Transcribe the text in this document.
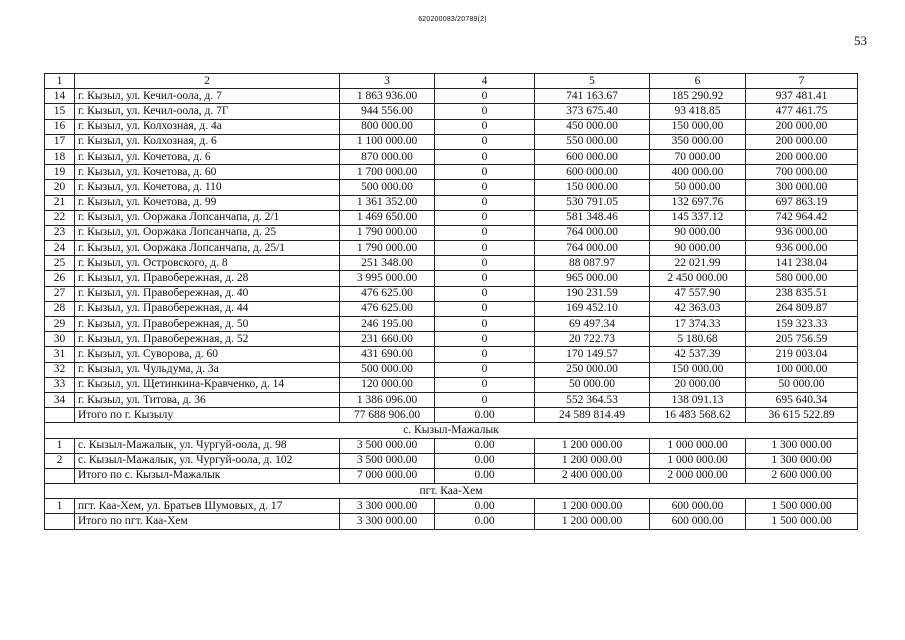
620200083/20789(2)
53
1	2	3	4	5	6	7
14	г. Кызыл, ул. Кечил-оола, д. 7	1 863 936.00	0	741 163.67	185 290.92	937 481.41
15	г. Кызыл, ул. Кечил-оола, д. 7Г	944 556.00	0	373 675.40	93 418.85	477 461.75
16	г. Кызыл, ул. Колхозная, д. 4а	800 000.00	0	450 000.00	150 000.00	200 000.00
17	г. Кызыл, ул. Колхозная, д. 6	1 100 000.00	0	550 000.00	350 000.00	200 000.00
18	г. Кызыл, ул. Кочетова, д. 6	870 000.00	0	600 000.00	70 000.00	200 000.00
19	г. Кызыл, ул. Кочетова, д. 60	1 700 000.00	0	600 000.00	400 000.00	700 000.00
20	г. Кызыл, ул. Кочетова, д. 110	500 000.00	0	150 000.00	50 000.00	300 000.00
21	г. Кызыл, ул. Кочетова, д. 99	1 361 352.00	0	530 791.05	132 697.76	697 863.19
22	г. Кызыл, ул. Ооржака Лопсанчапа, д. 2/1	1 469 650.00	0	581 348.46	145 337.12	742 964.42
23	г. Кызыл, ул. Ооржака Лопсанчапа, д. 25	1 790 000.00	0	764 000.00	90 000.00	936 000.00
24	г. Кызыл, ул. Ооржака Лопсанчапа, д. 25/1	1 790 000.00	0	764 000.00	90 000.00	936 000.00
25	г. Кызыл, ул. Островского, д. 8	251 348.00	0	88 087.97	22 021.99	141 238.04
26	г. Кызыл, ул. Правобережная, д. 28	3 995 000.00	0	965 000.00	2 450 000.00	580 000.00
27	г. Кызыл, ул. Правобережная, д. 40	476 625.00	0	190 231.59	47 557.90	238 835.51
28	г. Кызыл, ул. Правобережная, д. 44	476 625.00	0	169 452.10	42 363.03	264 809.87
29	г. Кызыл, ул. Правобережная, д. 50	246 195.00	0	69 497.34	17 374.33	159 323.33
30	г. Кызыл, ул. Правобережная, д. 52	231 660.00	0	20 722.73	5 180.68	205 756.59
31	г. Кызыл, ул. Суворова, д. 60	431 690.00	0	170 149.57	42 537.39	219 003.04
32	г. Кызыл, ул. Чульдума, д. 3а	500 000.00	0	250 000.00	150 000.00	100 000.00
33	г. Кызыл, ул. Щетинкина-Кравченко, д. 14	120 000.00	0	50 000.00	20 000.00	50 000.00
34	г. Кызыл, ул. Титова, д. 36	1 386 096.00	0	552 364.53	138 091.13	695 640.34
	Итого по г. Кызылу	77 688 906.00	0.00	24 589 814.49	16 483 568.62	36 615 522.89
с. Кызыл-Мажалык						
1	с. Кызыл-Мажалык, ул. Чургуй-оола, д. 98	3 500 000.00	0.00	1 200 000.00	1 000 000.00	1 300 000.00
2	с. Кызыл-Мажалык, ул. Чургуй-оола, д. 102	3 500 000.00	0.00	1 200 000.00	1 000 000.00	1 300 000.00
	Итого по с. Кызыл-Мажалык	7 000 000.00	0.00	2 400 000.00	2 000 000.00	2 600 000.00
пгт. Каа-Хем						
1	пгт. Каа-Хем, ул. Братьев Шумовых, д. 17	3 300 000.00	0.00	1 200 000.00	600 000.00	1 500 000.00
	Итого по пгт. Каа-Хем	3 300 000.00	0.00	1 200 000.00	600 000.00	1 500 000.00
